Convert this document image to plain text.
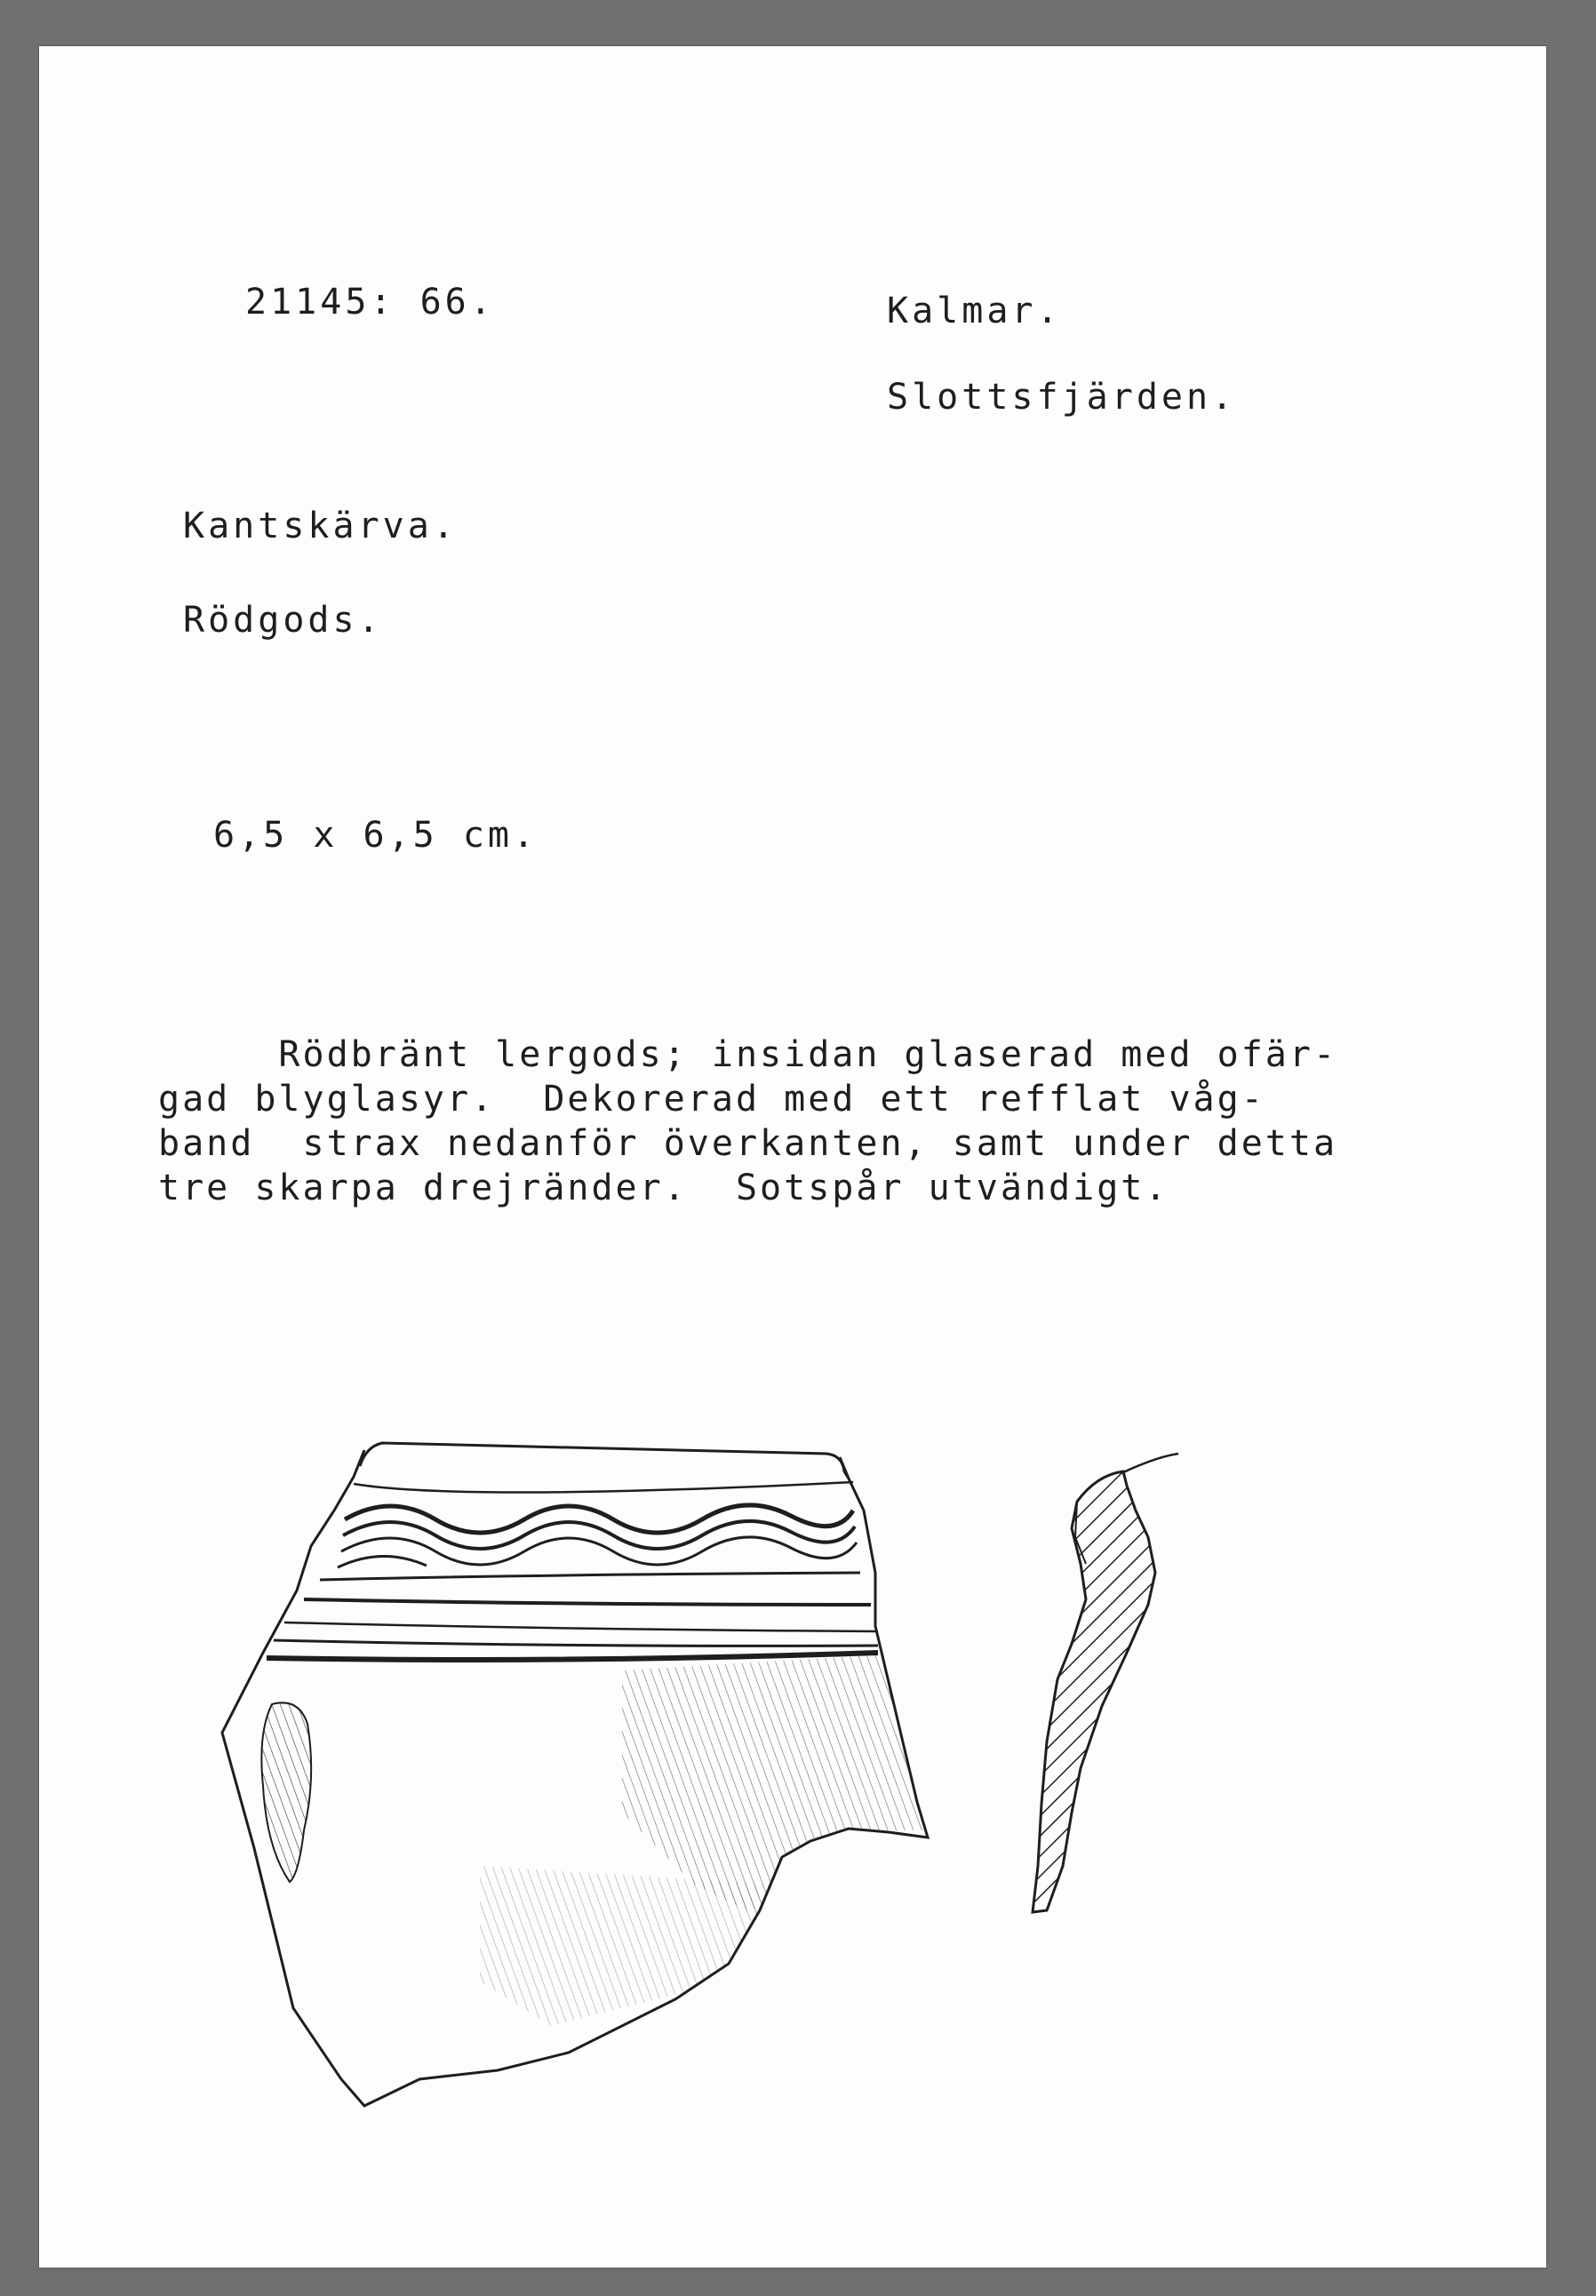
21145: 66.	Kalmar.
Slottsfjärden.
Kantskärva.
Rödgods.
6,5 x 6,5 cm.
Rödbränt lergods; insidan glaserad med ofär-
gad blyglasyr.  Dekorerad med ett refflat våg-
band  strax nedanför överkanten, samt under detta
tre skarpa drejränder.  Sotspår utvändigt.
